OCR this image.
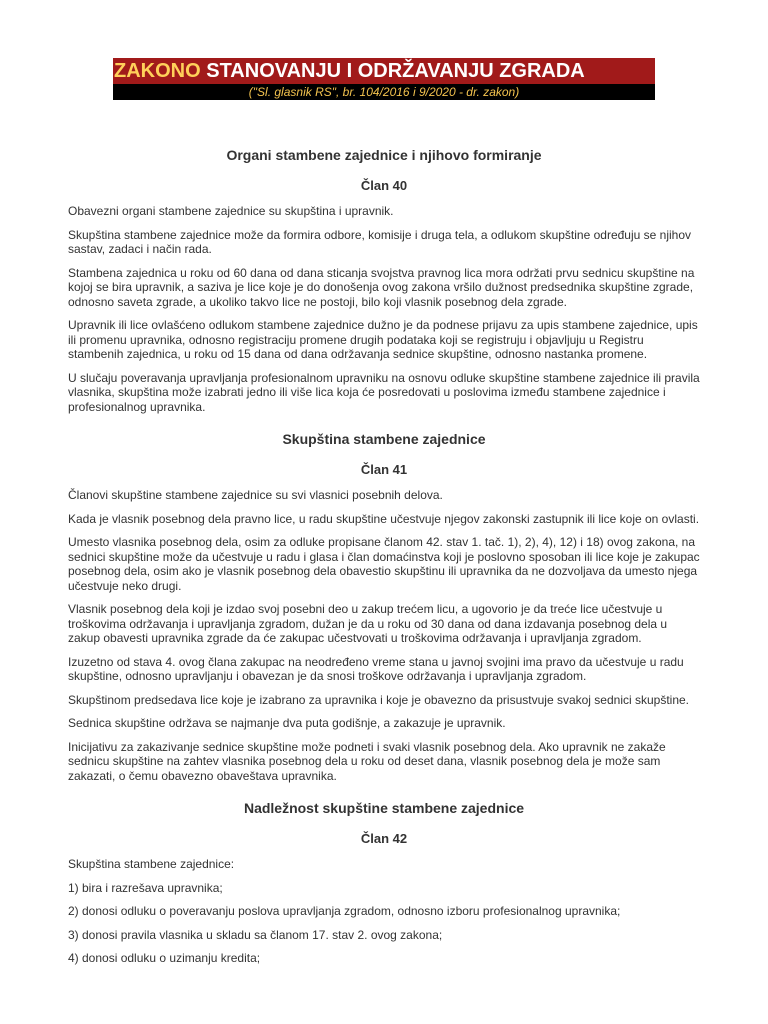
ZAKONO STANOVANJU I ODRŽAVANJU ZGRADA
("Sl. glasnik RS", br. 104/2016 i 9/2020 - dr. zakon)
Organi stambene zajednice i njihovo formiranje
Član 40

Obavezni organi stambene zajednice su skupština i upravnik.

Skupština stambene zajednice može da formira odbore, komisije i druga tela, a odlukom skupštine određuju se njihov sastav, zadaci i način rada.

Stambena zajednica u roku od 60 dana od dana sticanja svojstva pravnog lica mora održati prvu sednicu skupštine na kojoj se bira upravnik, a saziva je lice koje je do donošenja ovog zakona vršilo dužnost predsednika skupštine zgrade, odnosno saveta zgrade, a ukoliko takvo lice ne postoji, bilo koji vlasnik posebnog dela zgrade.

Upravnik ili lice ovlašćeno odlukom stambene zajednice dužno je da podnese prijavu za upis stambene zajednice, upis ili promenu upravnika, odnosno registraciju promene drugih podataka koji se registruju i objavljuju u Registru stambenih zajednica, u roku od 15 dana od dana održavanja sednice skupštine, odnosno nastanka promene.

U slučaju poveravanja upravljanja profesionalnom upravniku na osnovu odluke skupštine stambene zajednice ili pravila vlasnika, skupština može izabrati jedno ili više lica koja će posredovati u poslovima između stambene zajednice i profesionalnog upravnika.

Skupština stambene zajednice
Član 41

Članovi skupštine stambene zajednice su svi vlasnici posebnih delova.

Kada je vlasnik posebnog dela pravno lice, u radu skupštine učestvuje njegov zakonski zastupnik ili lice koje on ovlasti.

Umesto vlasnika posebnog dela, osim za odluke propisane članom 42. stav 1. tač. 1), 2), 4), 12) i 18) ovog zakona, na sednici skupštine može da učestvuje u radu i glasa i član domaćinstva koji je poslovno sposoban ili lice koje je zakupac posebnog dela, osim ako je vlasnik posebnog dela obavestio skupštinu ili upravnika da ne dozvoljava da umesto njega učestvuje neko drugi.

Vlasnik posebnog dela koji je izdao svoj posebni deo u zakup trećem licu, a ugovorio je da treće lice učestvuje u troškovima održavanja i upravljanja zgradom, dužan je da u roku od 30 dana od dana izdavanja posebnog dela u zakup obavesti upravnika zgrade da će zakupac učestvovati u troškovima održavanja i upravljanja zgradom.

Izuzetno od stava 4. ovog člana zakupac na neodređeno vreme stana u javnoj svojini ima pravo da učestvuje u radu skupštine, odnosno upravljanju i obavezan je da snosi troškove održavanja i upravljanja zgradom.

Skupštinom predsedava lice koje je izabrano za upravnika i koje je obavezno da prisustvuje svakoj sednici skupštine.

Sednica skupštine održava se najmanje dva puta godišnje, a zakazuje je upravnik.

Inicijativu za zakazivanje sednice skupštine može podneti i svaki vlasnik posebnog dela. Ako upravnik ne zakaže sednicu skupštine na zahtev vlasnika posebnog dela u roku od deset dana, vlasnik posebnog dela je može sam zakazati, o čemu obavezno obaveštava upravnika.

Nadležnost skupštine stambene zajednice
Član 42

Skupština stambene zajednice:

1) bira i razrešava upravnika;

2) donosi odluku o poveravanju poslova upravljanja zgradom, odnosno izboru profesionalnog upravnika;

3) donosi pravila vlasnika u skladu sa članom 17. stav 2. ovog zakona;

4) donosi odluku o uzimanju kredita;
